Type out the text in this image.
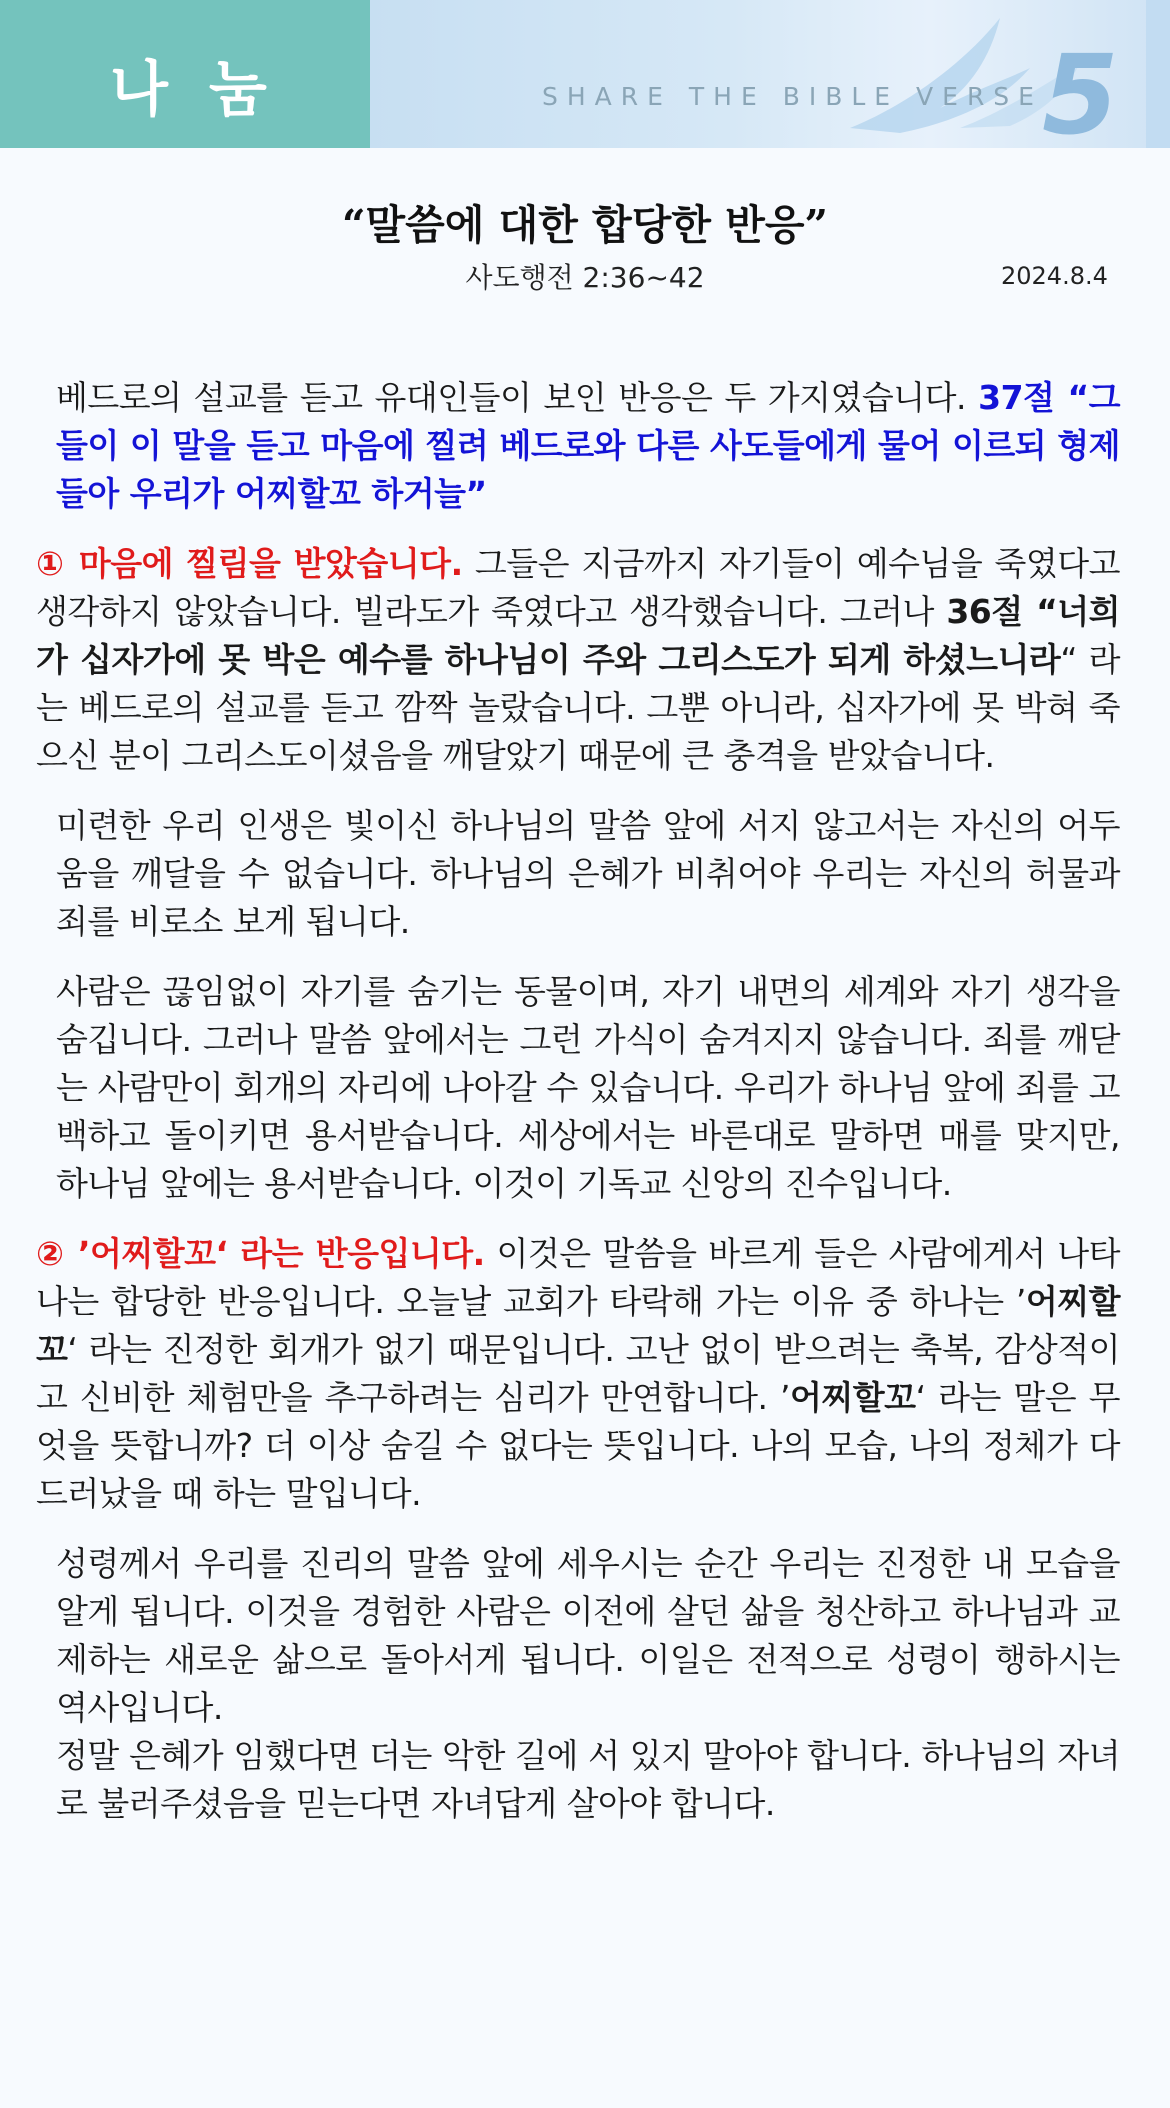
나 눔	SHARE THE BIBLE VERSE 5
“말씀에 대한 합당한 반응”
사도행전 2:36~42	2024.8.4

베드로의 설교를 듣고 유대인들이 보인 반응은 두 가지였습니다. 37절 “그들이 이 말을 듣고 마음에 찔려 베드로와 다른 사도들에게 물어 이르되 형제들아 우리가 어찌할꼬 하거늘”

① 마음에 찔림을 받았습니다. 그들은 지금까지 자기들이 예수님을 죽였다고 생각하지 않았습니다. 빌라도가 죽였다고 생각했습니다. 그러나 36절 “너희가 십자가에 못 박은 예수를 하나님이 주와 그리스도가 되게 하셨느니라“ 라는 베드로의 설교를 듣고 깜짝 놀랐습니다. 그뿐 아니라, 십자가에 못 박혀 죽으신 분이 그리스도이셨음을 깨달았기 때문에 큰 충격을 받았습니다.

미련한 우리 인생은 빛이신 하나님의 말씀 앞에 서지 않고서는 자신의 어두움을 깨달을 수 없습니다. 하나님의 은혜가 비취어야 우리는 자신의 허물과 죄를 비로소 보게 됩니다.

사람은 끊임없이 자기를 숨기는 동물이며, 자기 내면의 세계와 자기 생각을 숨깁니다. 그러나 말씀 앞에서는 그런 가식이 숨겨지지 않습니다. 죄를 깨닫는 사람만이 회개의 자리에 나아갈 수 있습니다. 우리가 하나님 앞에 죄를 고백하고 돌이키면 용서받습니다. 세상에서는 바른대로 말하면 매를 맞지만, 하나님 앞에는 용서받습니다. 이것이 기독교 신앙의 진수입니다.

② ’어찌할꼬‘ 라는 반응입니다. 이것은 말씀을 바르게 들은 사람에게서 나타나는 합당한 반응입니다. 오늘날 교회가 타락해 가는 이유 중 하나는 ’어찌할꼬‘ 라는 진정한 회개가 없기 때문입니다. 고난 없이 받으려는 축복, 감상적이고 신비한 체험만을 추구하려는 심리가 만연합니다. ’어찌할꼬‘ 라는 말은 무엇을 뜻합니까? 더 이상 숨길 수 없다는 뜻입니다. 나의 모습, 나의 정체가 다 드러났을 때 하는 말입니다.

성령께서 우리를 진리의 말씀 앞에 세우시는 순간 우리는 진정한 내 모습을 알게 됩니다. 이것을 경험한 사람은 이전에 살던 삶을 청산하고 하나님과 교제하는 새로운 삶으로 돌아서게 됩니다. 이일은 전적으로 성령이 행하시는 역사입니다.

정말 은혜가 임했다면 더는 악한 길에 서 있지 말아야 합니다. 하나님의 자녀로 불러주셨음을 믿는다면 자녀답게 살아야 합니다.
